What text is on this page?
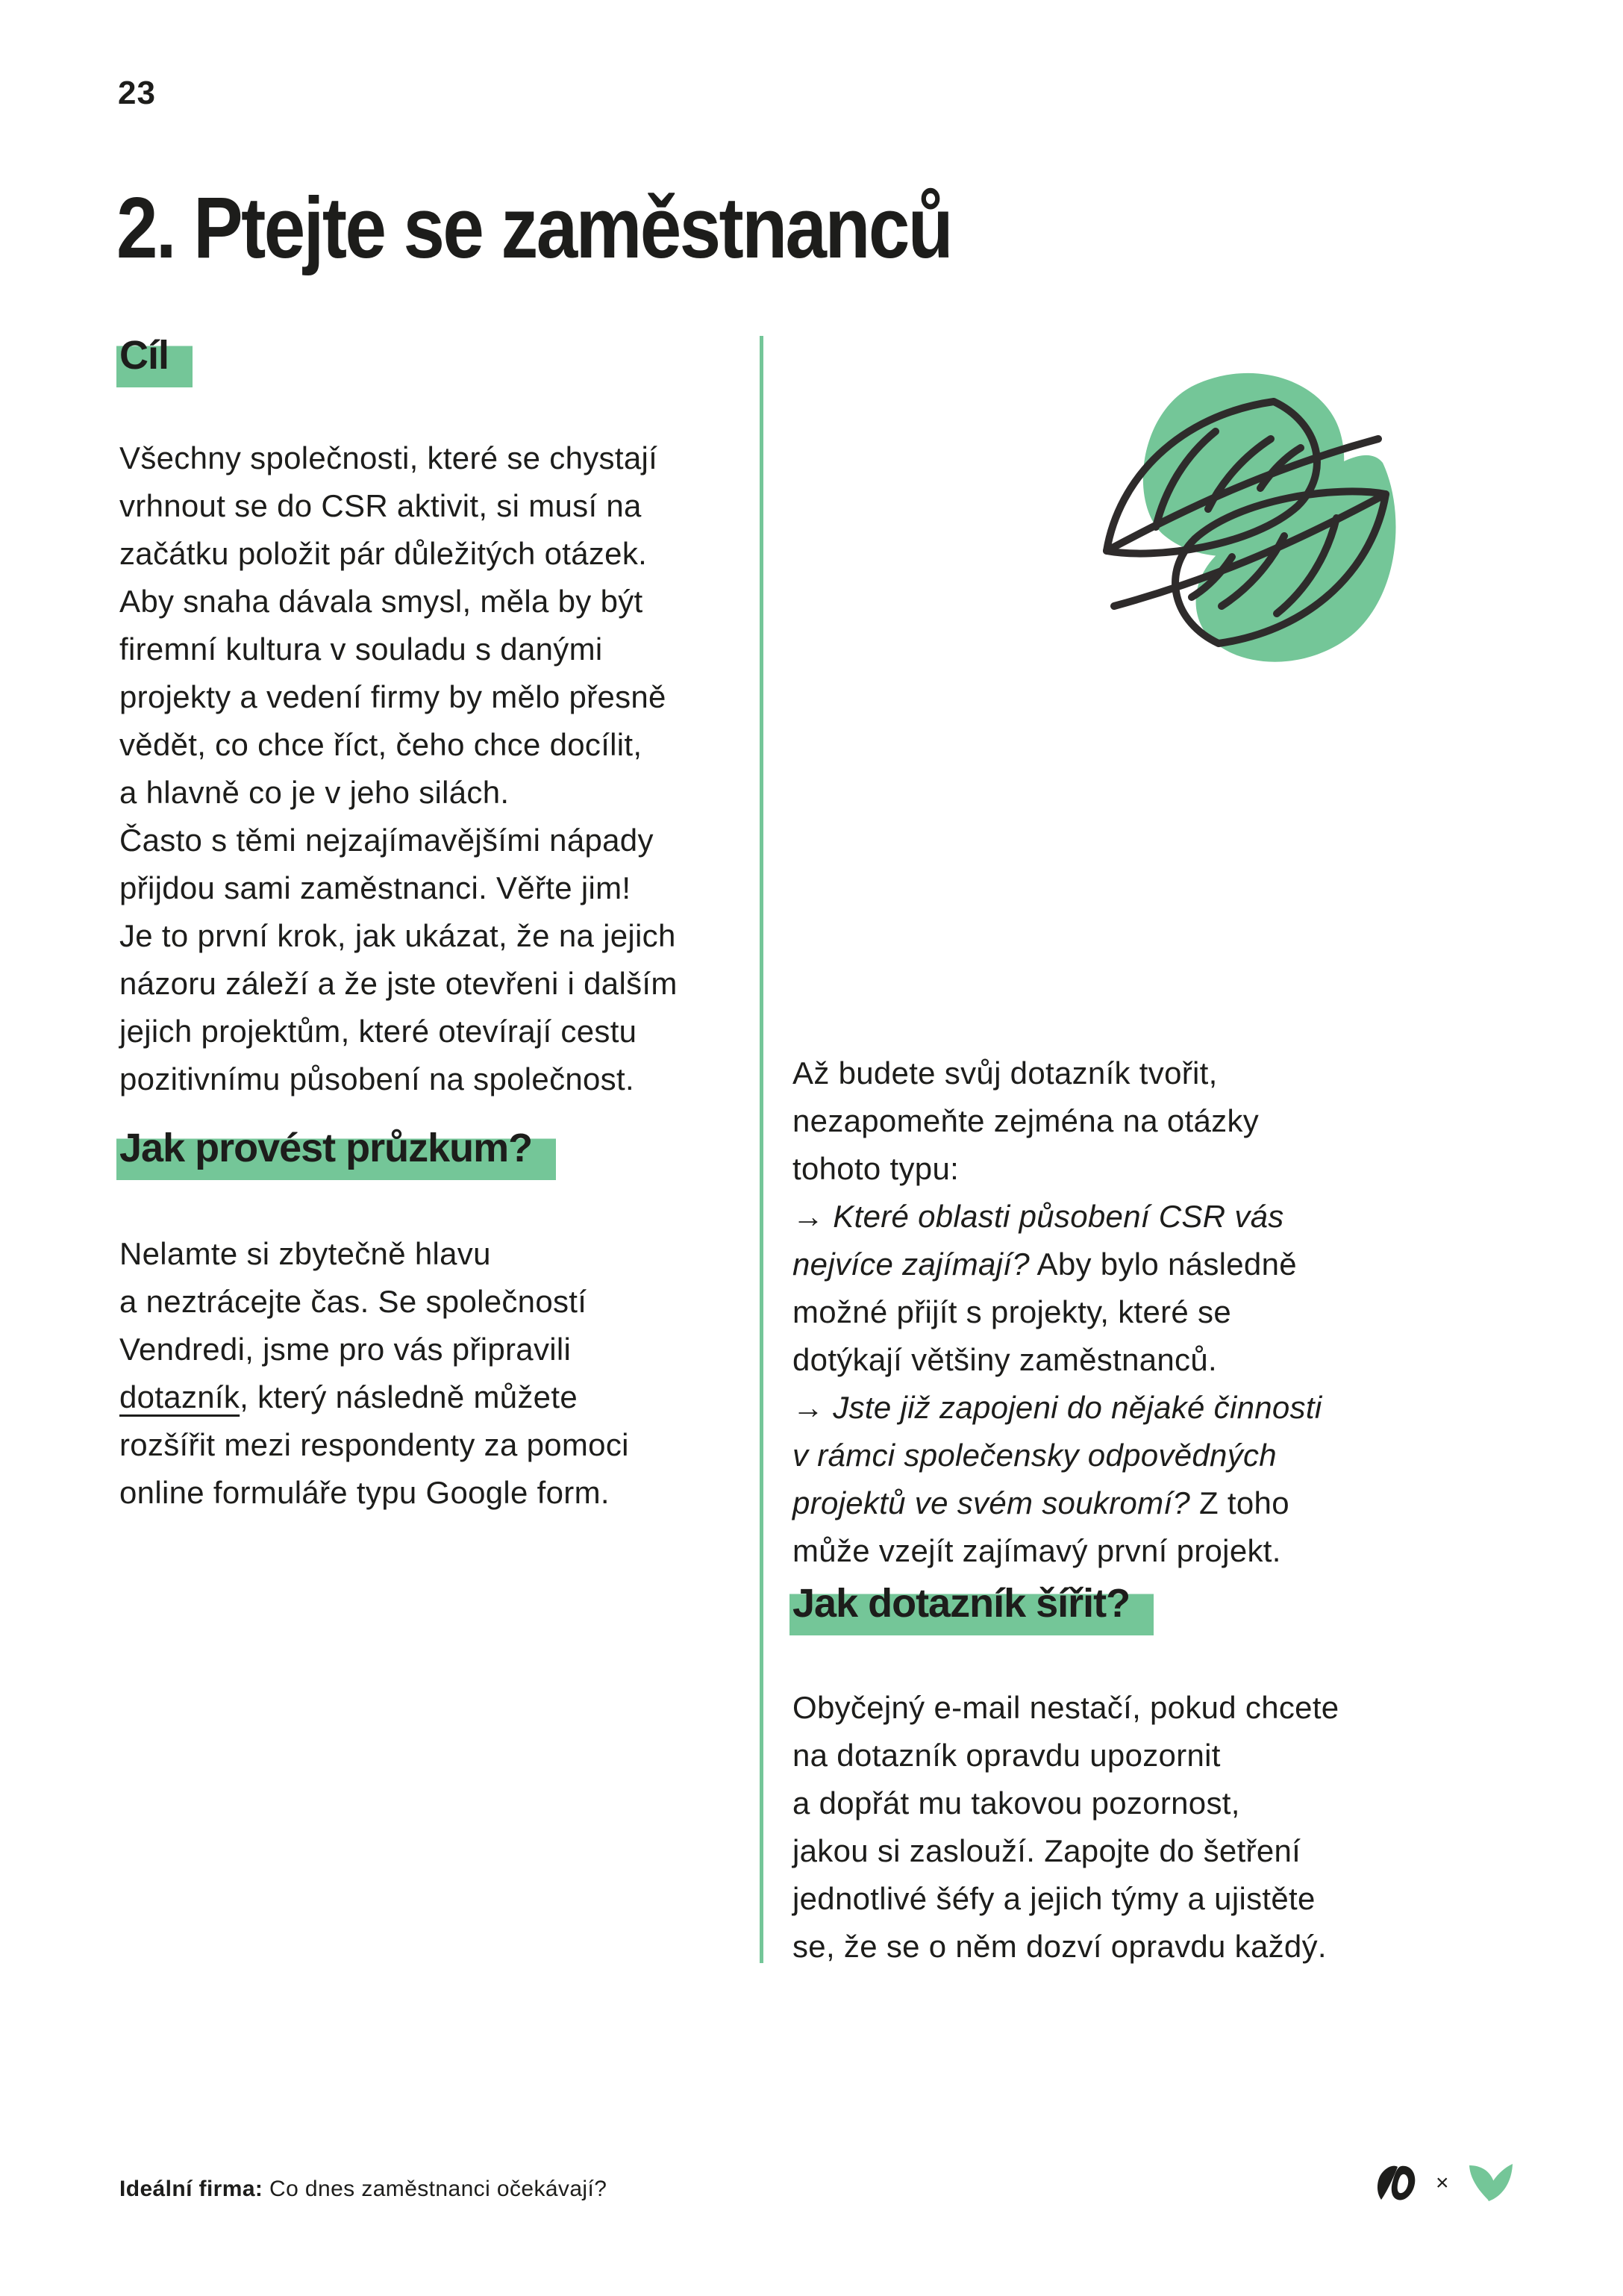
23
2. Ptejte se zaměstnanců
Cíl
Všechny společnosti, které se chystají
vrhnout se do CSR aktivit, si musí na
začátku položit pár důležitých otázek.
Aby snaha dávala smysl, měla by být
firemní kultura v souladu s danými
projekty a vedení firmy by mělo přesně
vědět, co chce říct, čeho chce docílit,
a hlavně co je v jeho silách.
Často s těmi nejzajímavějšími nápady
přijdou sami zaměstnanci. Věřte jim!
Je to první krok, jak ukázat, že na jejich
názoru záleží a že jste otevřeni i dalším
jejich projektům, které otevírají cestu
pozitivnímu působení na společnost.
Jak provést průzkum?
Nelamte si zbytečně hlavu
a neztrácejte čas. Se společností
Vendredi, jsme pro vás připravili
dotazník, který následně můžete
rozšířit mezi respondenty za pomoci
online formuláře typu Google form.
Až budete svůj dotazník tvořit,
nezapomeňte zejména na otázky
tohoto typu:
→ Které oblasti působení CSR vás
nejvíce zajímají? Aby bylo následně
možné přijít s projekty, které se
dotýkají většiny zaměstnanců.
→ Jste již zapojeni do nějaké činnosti
v rámci společensky odpovědných
projektů ve svém soukromí? Z toho
může vzejít zajímavý první projekt.
Jak dotazník šířit?
Obyčejný e-mail nestačí, pokud chcete
na dotazník opravdu upozornit
a dopřát mu takovou pozornost,
jakou si zaslouží. Zapojte do šetření
jednotlivé šéfy a jejich týmy a ujistěte
se, že se o něm dozví opravdu každý.
Ideální firma: Co dnes zaměstnanci očekávají?	×
